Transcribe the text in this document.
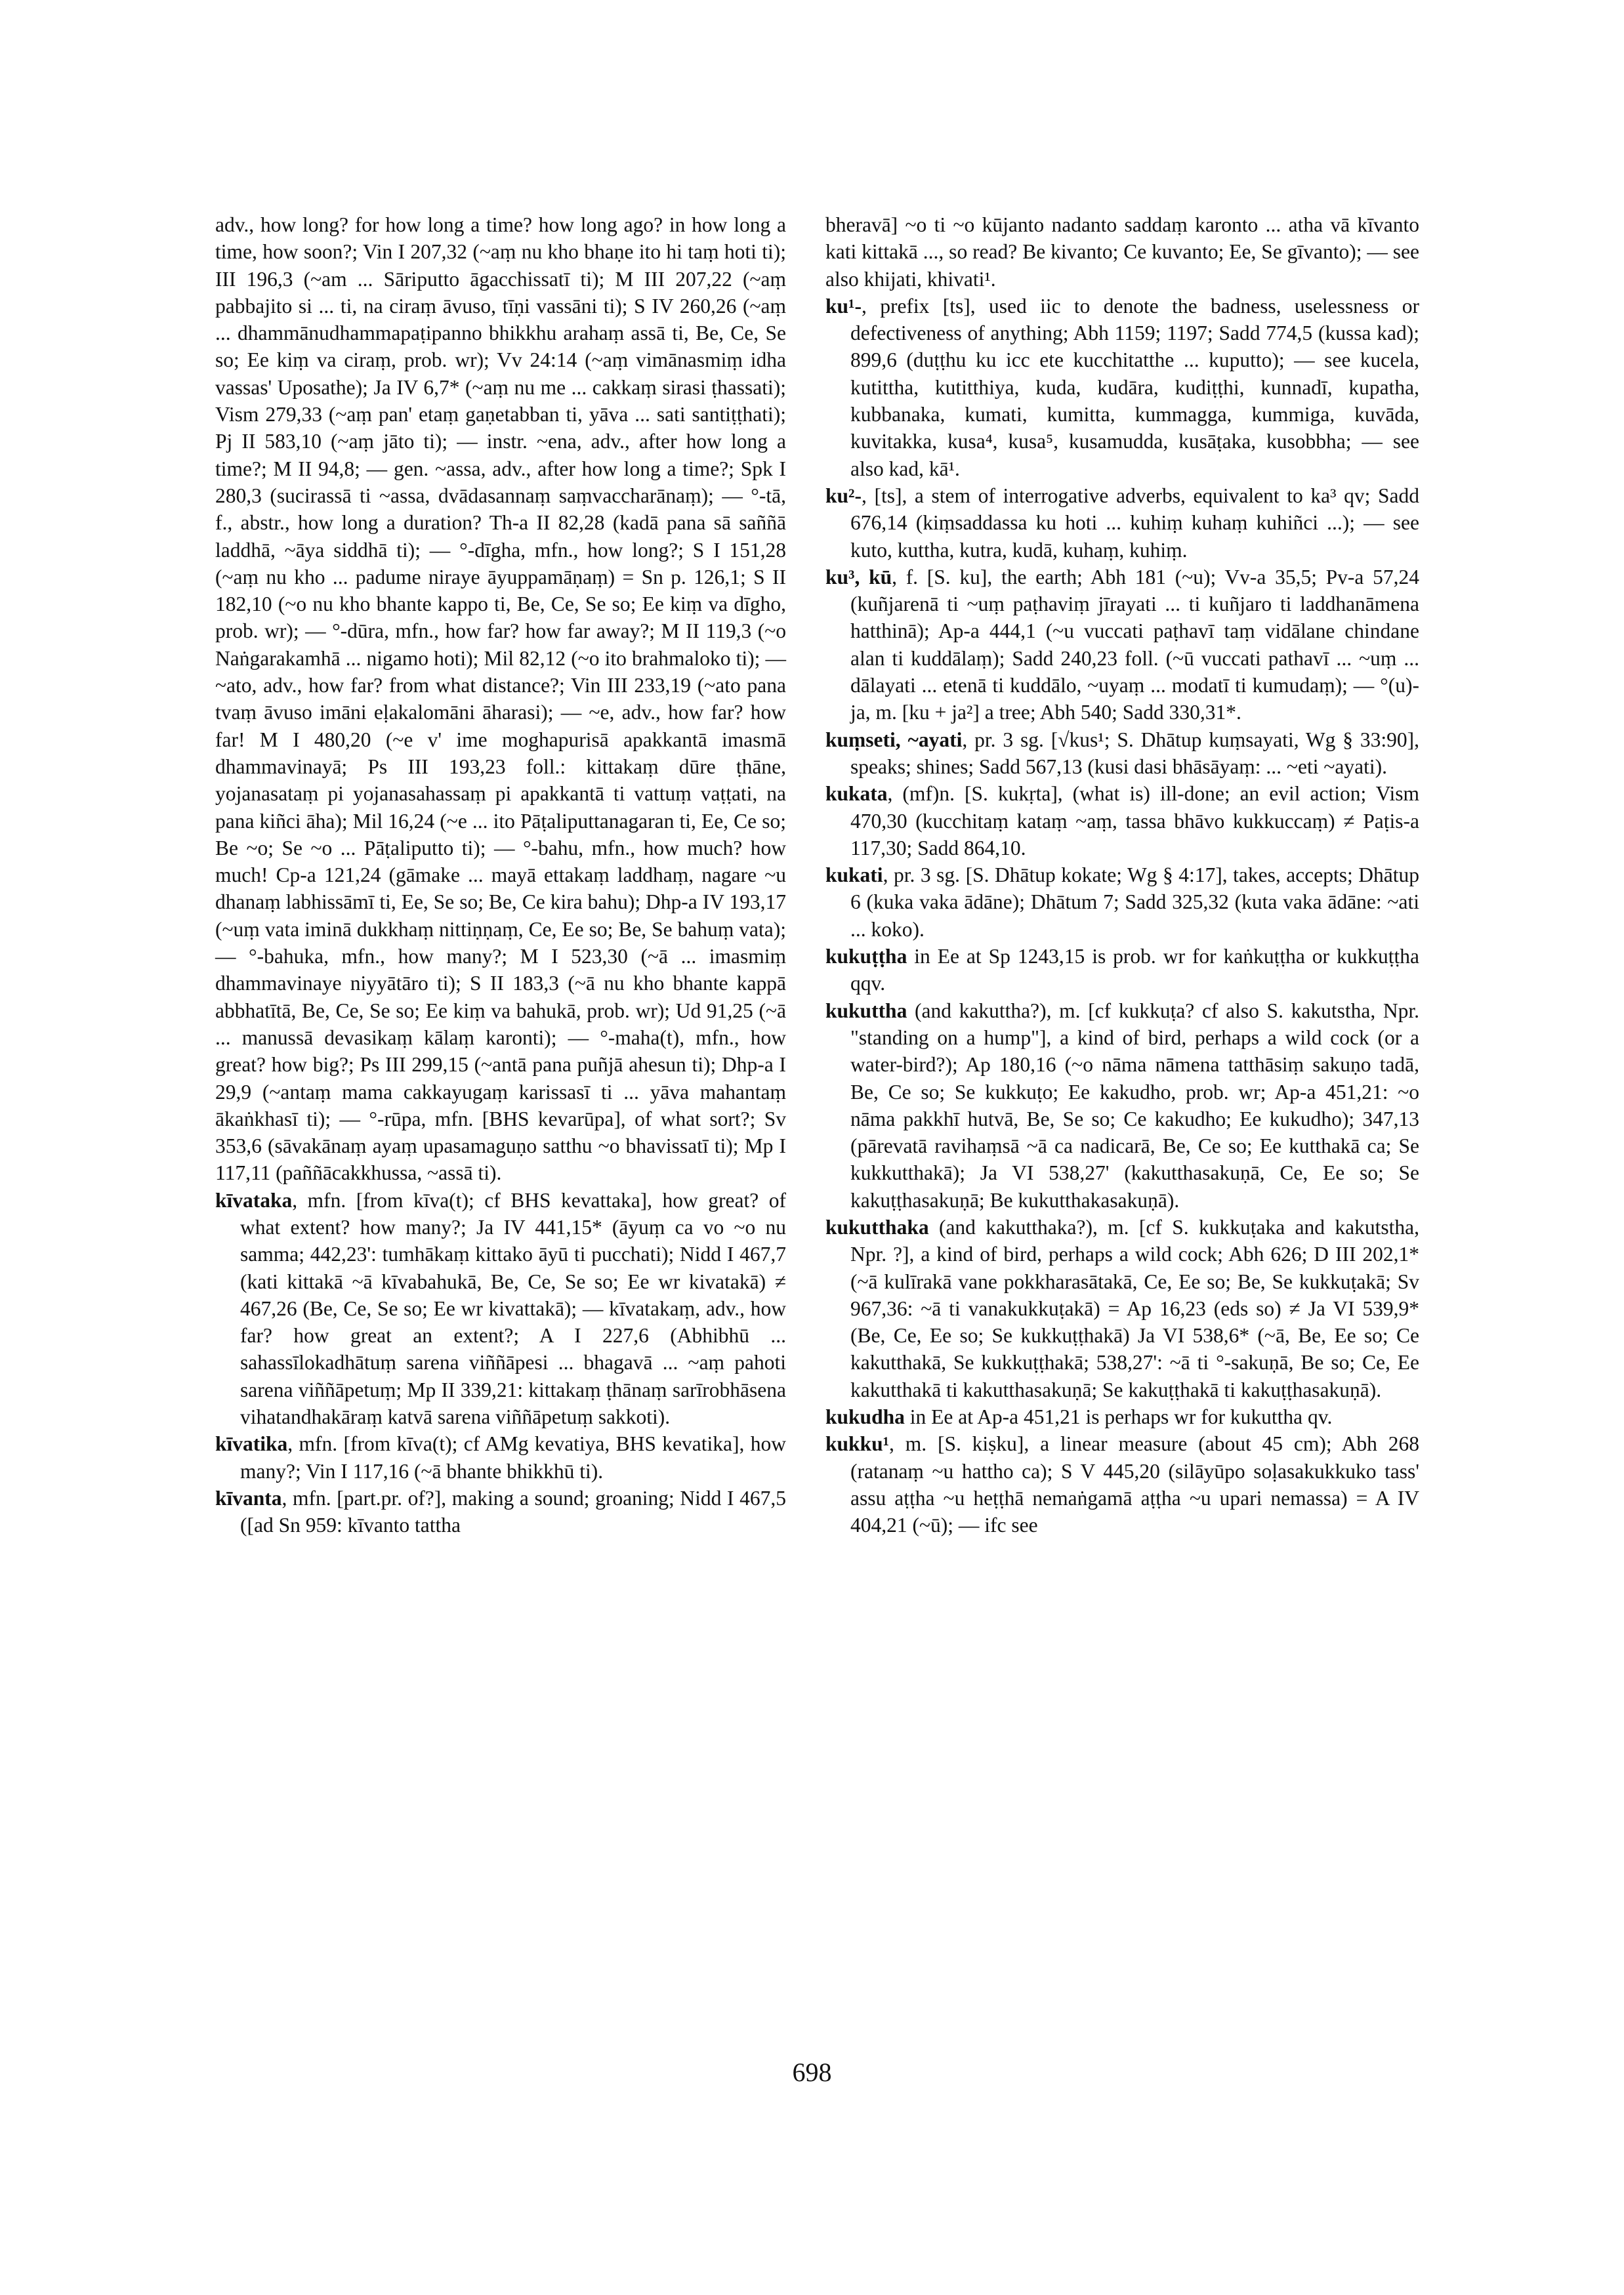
adv., how long? for how long a time? how long ago? in how long a time, how soon?; Vin I 207,32 (~aṃ nu kho bhaṇe ito hi taṃ hoti ti); III 196,3 (~am ... Sāriputto āgacchissatī ti); M III 207,22 (~aṃ pabbajito si ... ti, na ciraṃ āvuso, tīṇi vassāni ti); S IV 260,26 (~aṃ ... dhammānudhammapaṭipanno bhikkhu arahaṃ assā ti, Be, Ce, Se so; Ee kiṃ va ciraṃ, prob. wr); Vv 24:14 (~aṃ vimānasmiṃ idha vassas' Uposathe); Ja IV 6,7* (~aṃ nu me ... cakkaṃ sirasi ṭhassati); Vism 279,33 (~aṃ pan' etaṃ gaṇetabban ti, yāva ... sati santiṭṭhati); Pj II 583,10 (~aṃ jāto ti); — instr. ~ena, adv., after how long a time?; M II 94,8; — gen. ~assa, adv., after how long a time?; Spk I 280,3 (sucirassā ti ~assa, dvādasannaṃ saṃvaccharānaṃ); — °-tā, f., abstr., how long a duration? Th-a II 82,28 (kadā pana sā saññā laddhā, ~āya siddhā ti); — °-dīgha, mfn., how long?; S I 151,28 (~aṃ nu kho ... padume niraye āyuppamāṇaṃ) = Sn p. 126,1; S II 182,10 (~o nu kho bhante kappo ti, Be, Ce, Se so; Ee kiṃ va dīgho, prob. wr); — °-dūra, mfn., how far? how far away?; M II 119,3 (~o Naṅgarakamhā ... nigamo hoti); Mil 82,12 (~o ito brahmaloko ti); — ~ato, adv., how far? from what distance?; Vin III 233,19 (~ato pana tvaṃ āvuso imāni eḷakalomāni āharasi); — ~e, adv., how far? how far! M I 480,20 (~e v' ime moghapurisā apakkantā imasmā dhammavinayā; Ps III 193,23 foll.: kittakaṃ dūre ṭhāne, yojanasataṃ pi yojanasahassaṃ pi apakkantā ti vattuṃ vaṭṭati, na pana kiñci āha); Mil 16,24 (~e ... ito Pāṭaliputtanagaran ti, Ee, Ce so; Be ~o; Se ~o ... Pāṭaliputto ti); — °-bahu, mfn., how much? how much! Cp-a 121,24 (gāmake ... mayā ettakaṃ laddhaṃ, nagare ~u dhanaṃ labhissāmī ti, Ee, Se so; Be, Ce kira bahu); Dhp-a IV 193,17 (~uṃ vata iminā dukkhaṃ nittiṇṇaṃ, Ce, Ee so; Be, Se bahuṃ vata); — °-bahuka, mfn., how many?; M I 523,30 (~ā ... imasmiṃ dhammavinaye niyyātāro ti); S II 183,3 (~ā nu kho bhante kappā abbhatītā, Be, Ce, Se so; Ee kiṃ va bahukā, prob. wr); Ud 91,25 (~ā ... manussā devasikaṃ kālaṃ karonti); — °-maha(t), mfn., how great? how big?; Ps III 299,15 (~antā pana puñjā ahesun ti); Dhp-a I 29,9 (~antaṃ mama cakkayugaṃ karissasī ti ... yāva mahantaṃ ākaṅkhasī ti); — °-rūpa, mfn. [BHS kevarūpa], of what sort?; Sv 353,6 (sāvakānaṃ ayaṃ upasamaguṇo satthu ~o bhavissatī ti); Mp I 117,11 (paññācakkhussa, ~assā ti).

kīvataka, mfn. [from kīva(t); cf BHS kevattaka], how great? of what extent? how many?; Ja IV 441,15* (āyuṃ ca vo ~o nu samma; 442,23': tumhākaṃ kittako āyū ti pucchati); Nidd I 467,7 (kati kittakā ~ā kīvabahukā, Be, Ce, Se so; Ee wr kivatakā) ≠ 467,26 (Be, Ce, Se so; Ee wr kivattakā); — kīvatakaṃ, adv., how far? how great an extent?; A I 227,6 (Abhibhū ... sahassīlokadhātuṃ sarena viññāpesi ... bhagavā ... ~aṃ pahoti sarena viññāpetuṃ; Mp II 339,21: kittakaṃ ṭhānaṃ sarīrobhāsena vihatandhakāraṃ katvā sarena viññāpetuṃ sakkoti).

kīvatika, mfn. [from kīva(t); cf AMg kevatiya, BHS kevatika], how many?; Vin I 117,16 (~ā bhante bhikkhū ti).

kīvanta, mfn. [part.pr. of?], making a sound; groaning; Nidd I 467,5 ([ad Sn 959: kīvanto tattha

bheravā] ~o ti ~o kūjanto nadanto saddaṃ karonto ... atha vā kīvanto kati kittakā ..., so read? Be kivanto; Ce kuvanto; Ee, Se gīvanto); — see also khijati, khivati¹.

ku¹-, prefix [ts], used iic to denote the badness, uselessness or defectiveness of anything; Abh 1159; 1197; Sadd 774,5 (kussa kad); 899,6 (duṭṭhu ku icc ete kucchitatthe ... kuputto); — see kucela, kutittha, kutitthiya, kuda, kudāra, kudiṭṭhi, kunnadī, kupatha, kubbanaka, kumati, kumitta, kummagga, kummiga, kuvāda, kuvitakka, kusa⁴, kusa⁵, kusamudda, kusāṭaka, kusobbha; — see also kad, kā¹.

ku²-, [ts], a stem of interrogative adverbs, equivalent to ka³ qv; Sadd 676,14 (kiṃsaddassa ku hoti ... kuhiṃ kuhaṃ kuhiñci ...); — see kuto, kuttha, kutra, kudā, kuhaṃ, kuhiṃ.

ku³, kū, f. [S. ku], the earth; Abh 181 (~u); Vv-a 35,5; Pv-a 57,24 (kuñjarenā ti ~uṃ paṭhaviṃ jīrayati ... ti kuñjaro ti laddhanāmena hatthinā); Ap-a 444,1 (~u vuccati paṭhavī taṃ vidālane chindane alan ti kuddālaṃ); Sadd 240,23 foll. (~ū vuccati pathavī ... ~uṃ ... dālayati ... etenā ti kuddālo, ~uyaṃ ... modatī ti kumudaṃ); — °(u)-ja, m. [ku + ja²] a tree; Abh 540; Sadd 330,31*.

kuṃseti, ~ayati, pr. 3 sg. [√kus¹; S. Dhātup kuṃsayati, Wg § 33:90], speaks; shines; Sadd 567,13 (kusi dasi bhāsāyaṃ: ... ~eti ~ayati).

kukata, (mf)n. [S. kukṛta], (what is) ill-done; an evil action; Vism 470,30 (kucchitaṃ kataṃ ~aṃ, tassa bhāvo kukkuccaṃ) ≠ Paṭis-a 117,30; Sadd 864,10.

kukati, pr. 3 sg. [S. Dhātup kokate; Wg § 4:17], takes, accepts; Dhātup 6 (kuka vaka ādāne); Dhātum 7; Sadd 325,32 (kuta vaka ādāne: ~ati ... koko).

kukuṭṭha in Ee at Sp 1243,15 is prob. wr for kaṅkuṭṭha or kukkuṭṭha qqv.

kukuttha (and kakuttha?), m. [cf kukkuṭa? cf also S. kakutstha, Npr. "standing on a hump"], a kind of bird, perhaps a wild cock (or a water-bird?); Ap 180,16 (~o nāma nāmena tatthāsiṃ sakuṇo tadā, Be, Ce so; Se kukkuṭo; Ee kakudho, prob. wr; Ap-a 451,21: ~o nāma pakkhī hutvā, Be, Se so; Ce kakudho; Ee kukudho); 347,13 (pārevatā ravihaṃsā ~ā ca nadicarā, Be, Ce so; Ee kutthakā ca; Se kukkutthakā); Ja VI 538,27' (kakutthasakuṇā, Ce, Ee so; Se kakuṭṭhasakuṇā; Be kukutthakasakuṇā).

kukutthaka (and kakutthaka?), m. [cf S. kukkuṭaka and kakutstha, Npr. ?], a kind of bird, perhaps a wild cock; Abh 626; D III 202,1* (~ā kulīrakā vane pokkharasātakā, Ce, Ee so; Be, Se kukkuṭakā; Sv 967,36: ~ā ti vanakukkuṭakā) = Ap 16,23 (eds so) ≠ Ja VI 539,9* (Be, Ce, Ee so; Se kukkuṭṭhakā) Ja VI 538,6* (~ā, Be, Ee so; Ce kakutthakā, Se kukkuṭṭhakā; 538,27': ~ā ti °-sakuṇā, Be so; Ce, Ee kakutthakā ti kakutthasakuṇā; Se kakuṭṭhakā ti kakuṭṭhasakuṇā).

kukudha in Ee at Ap-a 451,21 is perhaps wr for kukuttha qv.

kukku¹, m. [S. kiṣku], a linear measure (about 45 cm); Abh 268 (ratanaṃ ~u hattho ca); S V 445,20 (silāyūpo soḷasakukkuko tass' assu aṭṭha ~u heṭṭhā nemaṅgamā aṭṭha ~u upari nemassa) = A IV 404,21 (~ū); — ifc see

698
